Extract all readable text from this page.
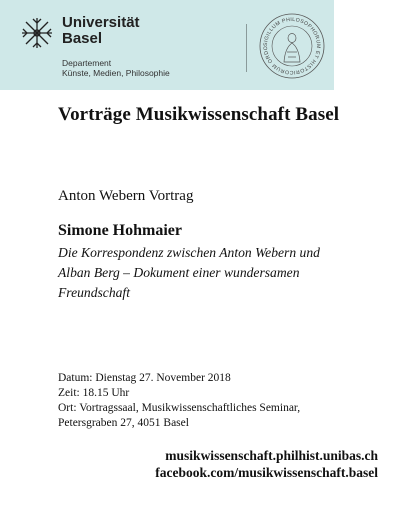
Universität
Basel
Departement
Künste, Medien, Philosophie
SIGILLUM PHILOSOPHORUM ET HISTORICORUM ORDO
Vorträge Musikwissenschaft Basel
Anton Webern Vortrag
Simone Hohmaier
Die Korrespondenz zwischen Anton Webern und
Alban Berg – Dokument einer wundersamen
Freundschaft
Datum: Dienstag 27. November 2018
Zeit: 18.15 Uhr
Ort: Vortragssaal, Musikwissenschaftliches Seminar,
Petersgraben 27, 4051 Basel
musikwissenschaft.philhist.unibas.ch
facebook.com/musikwissenschaft.basel
